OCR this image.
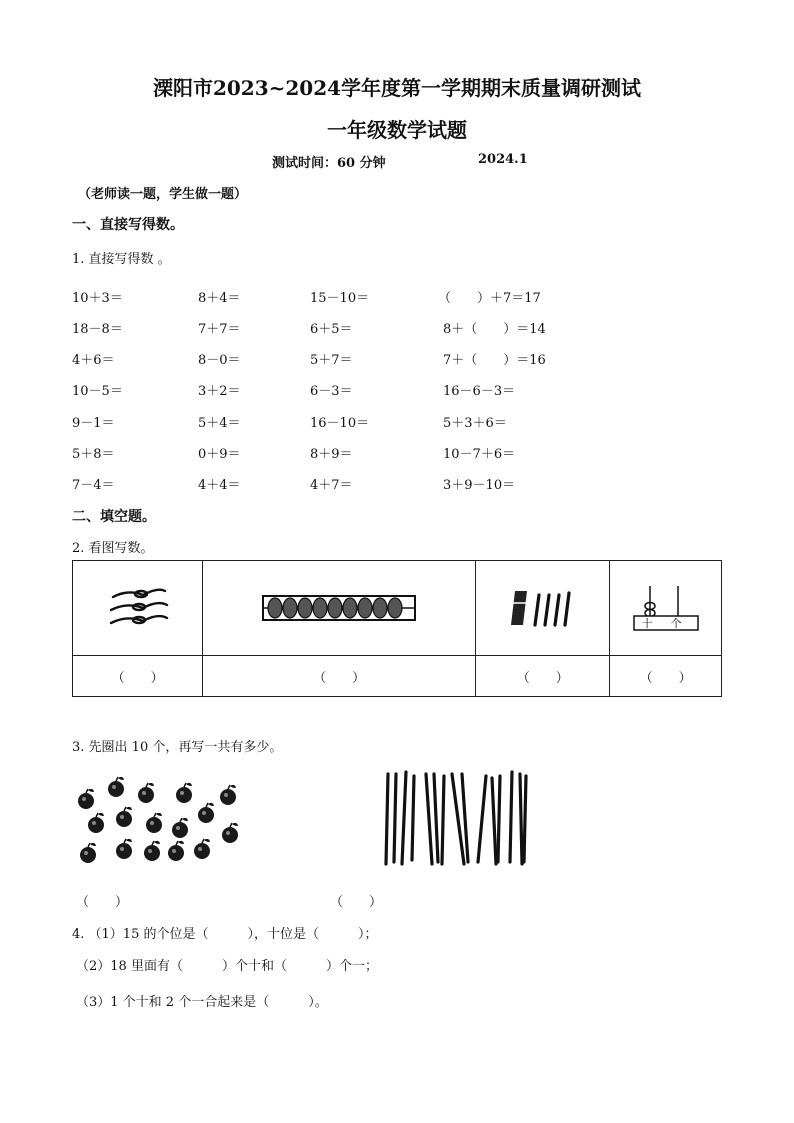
溧阳市2023~2024学年度第一学期期末质量调研测试
一年级数学试题
测试时间：60 分钟	2024.1
（老师读一题，学生做一题）
一、直接写得数。
1. 直接写得数 。
10＋3＝	8＋4＝	15－10＝	（　　）＋7＝17
18－8＝	7＋7＝	6＋5＝	8＋（　　）＝14
4＋6＝	8－0＝	5＋7＝	7＋（　　）＝16
10－5＝	3＋2＝	6－3＝	16－6－3＝
9－1＝	5＋4＝	16－10＝	5＋3＋6＝
5＋8＝	0＋9＝	8＋9＝	10－7＋6＝
7－4＝	4＋4＝	4＋7＝	3＋9－10＝
二、填空题。
2. 看图写数。

十 个

（　　）	（　　）	（　　）	（　　）
3. 先圈出 10 个，再写一共有多少。
（　　）	（　　）
4. （1）15 的个位是（　　　），十位是（　　　）；
（2）18 里面有（　　　）个十和（　　　）个一；
（3）1 个十和 2 个一合起来是（　　　）。
